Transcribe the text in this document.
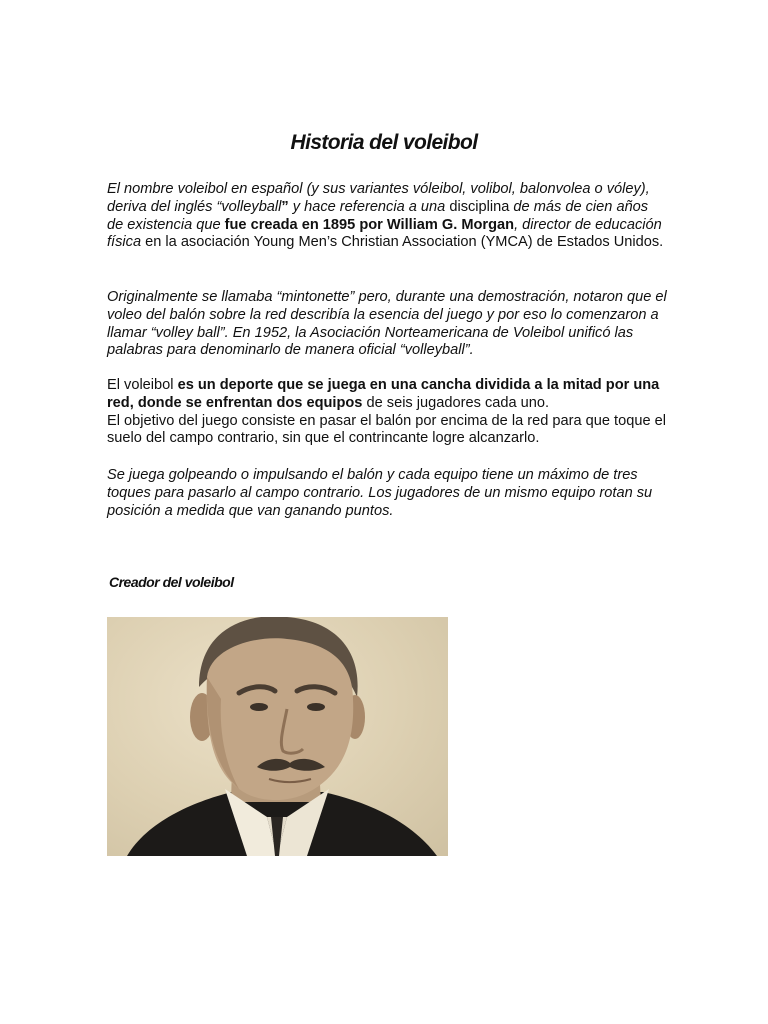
Historia del voleibol

El nombre voleibol en español (y sus variantes vóleibol, volibol, balonvolea o vóley), deriva del inglés “volleyball” y hace referencia a una disciplina de más de cien años de existencia que fue creada en 1895 por William G. Morgan, director de educación física en la asociación Young Men’s Christian Association (YMCA) de Estados Unidos.

Originalmente se llamaba “mintonette” pero, durante una demostración, notaron que el voleo del balón sobre la red describía la esencia del juego y por eso lo comenzaron a llamar “volley ball”. En 1952, la Asociación Norteamericana de Voleibol unificó las palabras para denominarlo de manera oficial “volleyball”.

El voleibol es un deporte que se juega en una cancha dividida a la mitad por una red, donde se enfrentan dos equipos de seis jugadores cada uno.
El objetivo del juego consiste en pasar el balón por encima de la red para que toque el suelo del campo contrario, sin que el contrincante logre alcanzarlo.

Se juega golpeando o impulsando el balón y cada equipo tiene un máximo de tres toques para pasarlo al campo contrario. Los jugadores de un mismo equipo rotan su posición a medida que van ganando puntos.

Creador del voleibol
